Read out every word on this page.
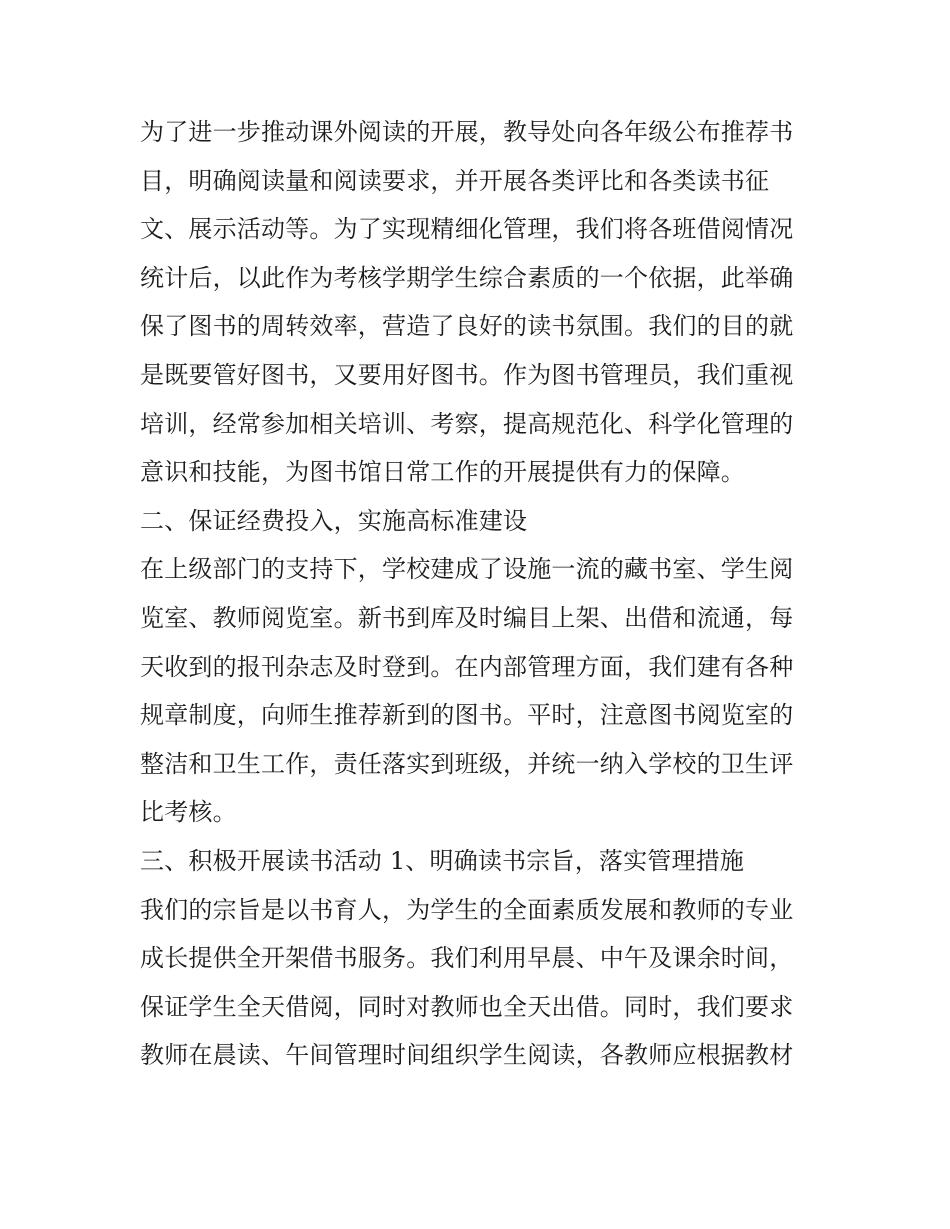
为了进一步推动课外阅读的开展，教导处向各年级公布推荐书
目，明确阅读量和阅读要求，并开展各类评比和各类读书征
文、展示活动等。为了实现精细化管理，我们将各班借阅情况
统计后，以此作为考核学期学生综合素质的一个依据，此举确
保了图书的周转效率，营造了良好的读书氛围。我们的目的就
是既要管好图书，又要用好图书。作为图书管理员，我们重视
培训，经常参加相关培训、考察，提高规范化、科学化管理的
意识和技能，为图书馆日常工作的开展提供有力的保障。
二、保证经费投入，实施高标准建设
在上级部门的支持下，学校建成了设施一流的藏书室、学生阅
览室、教师阅览室。新书到库及时编目上架、出借和流通，每
天收到的报刊杂志及时登到。在内部管理方面，我们建有各种
规章制度，向师生推荐新到的图书。平时，注意图书阅览室的
整洁和卫生工作，责任落实到班级，并统一纳入学校的卫生评
比考核。
三、积极开展读书活动 1、明确读书宗旨，落实管理措施
我们的宗旨是以书育人，为学生的全面素质发展和教师的专业
成长提供全开架借书服务。我们利用早晨、中午及课余时间，
保证学生全天借阅，同时对教师也全天出借。同时，我们要求
教师在晨读、午间管理时间组织学生阅读，各教师应根据教材
